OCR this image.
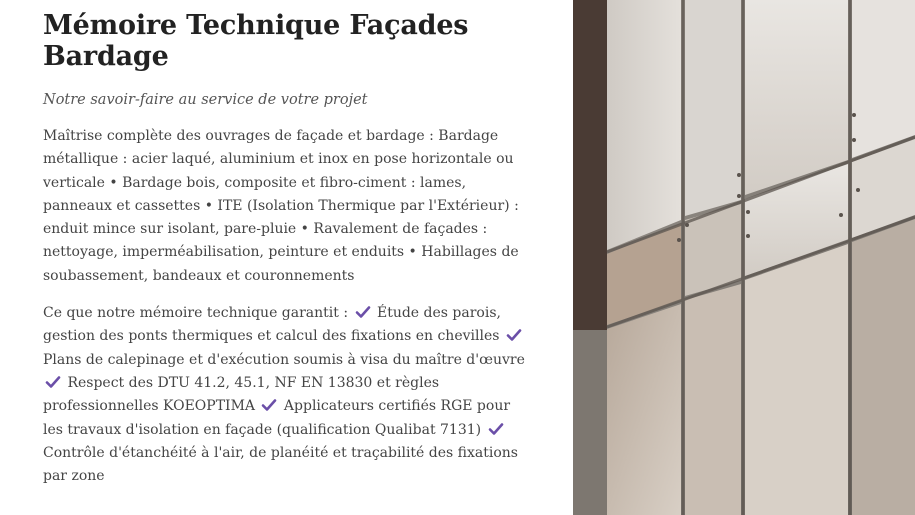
Mémoire Technique Façades Bardage

Notre savoir-faire au service de votre projet

Maîtrise complète des ouvrages de façade et bardage : Bardage métallique : acier laqué, aluminium et inox en pose horizontale ou verticale • Bardage bois, composite et fibro-ciment : lames, panneaux et cassettes • ITE (Isolation Thermique par l'Extérieur) : enduit mince sur isolant, pare-pluie • Ravalement de façades : nettoyage, imperméabilisation, peinture et enduits • Habillages de soubassement, bandeaux et couronnements

Ce que notre mémoire technique garantit : Étude des parois, gestion des ponts thermiques et calcul des fixations en chevilles
Plans de calepinage et d'exécution soumis à visa du maître d'œuvre
Respect des DTU 41.2, 45.1, NF EN 13830 et règles professionnelles KOEOPTIMA Applicateurs certifiés RGE pour les travaux d'isolation en façade (qualification Qualibat 7131)
Contrôle d'étanchéité à l'air, de planéité et traçabilité des fixations par zone
